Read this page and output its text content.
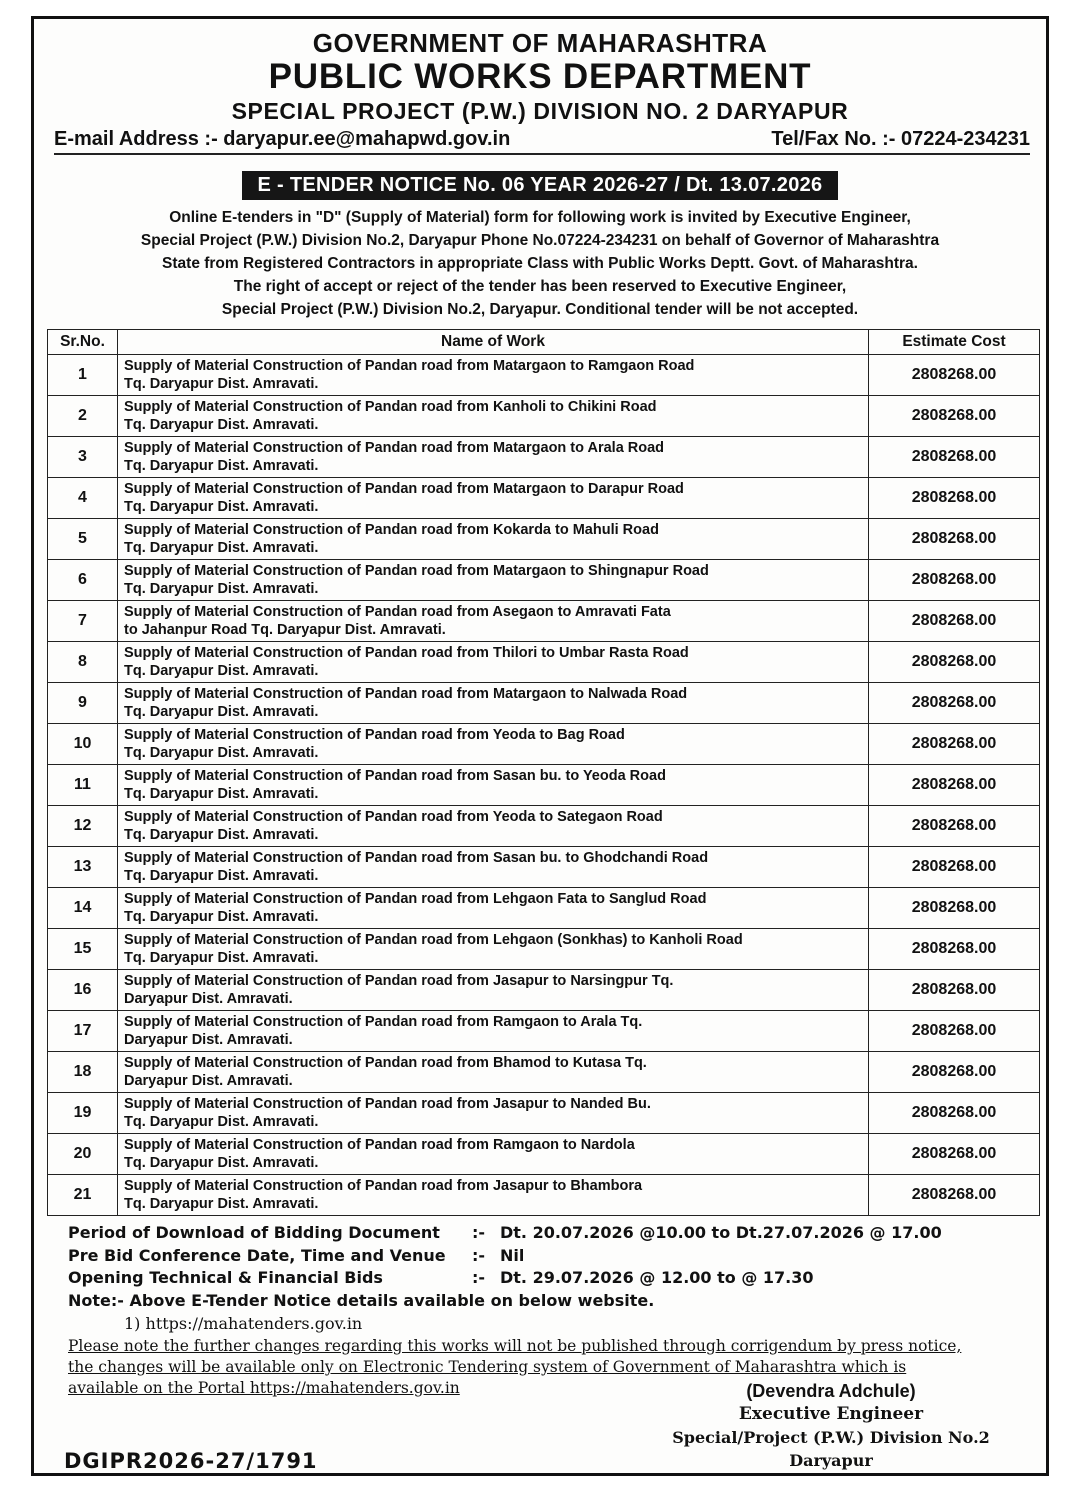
GOVERNMENT OF MAHARASHTRA
PUBLIC WORKS DEPARTMENT
SPECIAL PROJECT (P.W.) DIVISION NO. 2 DARYAPUR
E-mail Address :- daryapur.ee@mahapwd.gov.in	Tel/Fax No. :- 07224-234231
E - TENDER NOTICE No. 06 YEAR 2026-27 / Dt. 13.07.2026
Online E-tenders in "D" (Supply of Material) form for following work is invited by Executive Engineer,
Special Project (P.W.) Division No.2, Daryapur Phone No.07224-234231 on behalf of Governor of Maharashtra
State from Registered Contractors in appropriate Class with Public Works Deptt. Govt. of Maharashtra.
The right of accept or reject of the tender has been reserved to Executive Engineer,
Special Project (P.W.) Division No.2, Daryapur. Conditional tender will be not accepted.
Sr.No.	Name of Work	Estimate Cost
1	Supply of Material Construction of Pandan road from Matargaon to Ramgaon Road
Tq. Daryapur Dist. Amravati.	2808268.00
2	Supply of Material Construction of Pandan road from Kanholi to Chikini Road
Tq. Daryapur Dist. Amravati.	2808268.00
3	Supply of Material Construction of Pandan road from Matargaon to Arala Road
Tq. Daryapur Dist. Amravati.	2808268.00
4	Supply of Material Construction of Pandan road from Matargaon to Darapur Road
Tq. Daryapur Dist. Amravati.	2808268.00
5	Supply of Material Construction of Pandan road from Kokarda to Mahuli Road
Tq. Daryapur Dist. Amravati.	2808268.00
6	Supply of Material Construction of Pandan road from Matargaon to Shingnapur Road
Tq. Daryapur Dist. Amravati.	2808268.00
7	Supply of Material Construction of Pandan road from Asegaon to Amravati Fata
to Jahanpur Road Tq. Daryapur Dist. Amravati.	2808268.00
8	Supply of Material Construction of Pandan road from Thilori to Umbar Rasta Road
Tq. Daryapur Dist. Amravati.	2808268.00
9	Supply of Material Construction of Pandan road from Matargaon to Nalwada Road
Tq. Daryapur Dist. Amravati.	2808268.00
10	Supply of Material Construction of Pandan road from Yeoda to Bag Road
Tq. Daryapur Dist. Amravati.	2808268.00
11	Supply of Material Construction of Pandan road from Sasan bu. to Yeoda Road
Tq. Daryapur Dist. Amravati.	2808268.00
12	Supply of Material Construction of Pandan road from Yeoda to Sategaon Road
Tq. Daryapur Dist. Amravati.	2808268.00
13	Supply of Material Construction of Pandan road from Sasan bu. to Ghodchandi Road
Tq. Daryapur Dist. Amravati.	2808268.00
14	Supply of Material Construction of Pandan road from Lehgaon Fata to Sanglud Road
Tq. Daryapur Dist. Amravati.	2808268.00
15	Supply of Material Construction of Pandan road from Lehgaon (Sonkhas) to Kanholi Road
Tq. Daryapur Dist. Amravati.	2808268.00
16	Supply of Material Construction of Pandan road from Jasapur to Narsingpur Tq.
Daryapur Dist. Amravati.	2808268.00
17	Supply of Material Construction of Pandan road from Ramgaon to Arala Tq.
Daryapur Dist. Amravati.	2808268.00
18	Supply of Material Construction of Pandan road from Bhamod to Kutasa Tq.
Daryapur Dist. Amravati.	2808268.00
19	Supply of Material Construction of Pandan road from Jasapur to Nanded Bu.
Tq. Daryapur Dist. Amravati.	2808268.00
20	Supply of Material Construction of Pandan road from Ramgaon to Nardola
Tq. Daryapur Dist. Amravati.	2808268.00
21	Supply of Material Construction of Pandan road from Jasapur to Bhambora
Tq. Daryapur Dist. Amravati.	2808268.00
Period of Download of Bidding Document	:- Dt. 20.07.2026 @10.00 to Dt.27.07.2026 @ 17.00
Pre Bid Conference Date, Time and Venue	:- Nil
Opening Technical & Financial Bids	:- Dt. 29.07.2026 @ 12.00 to @ 17.30
Note:- Above E-Tender Notice details available on below website.
1) https://mahatenders.gov.in
Please note the further changes regarding this works will not be published through corrigendum by press notice,
the changes will be available only on Electronic Tendering system of Government of Maharashtra which is
available on the Portal https://mahatenders.gov.in	(Devendra Adchule)
Executive Engineer
Special/Project (P.W.) Division No.2
Daryapur
DGIPR2026-27/1791
